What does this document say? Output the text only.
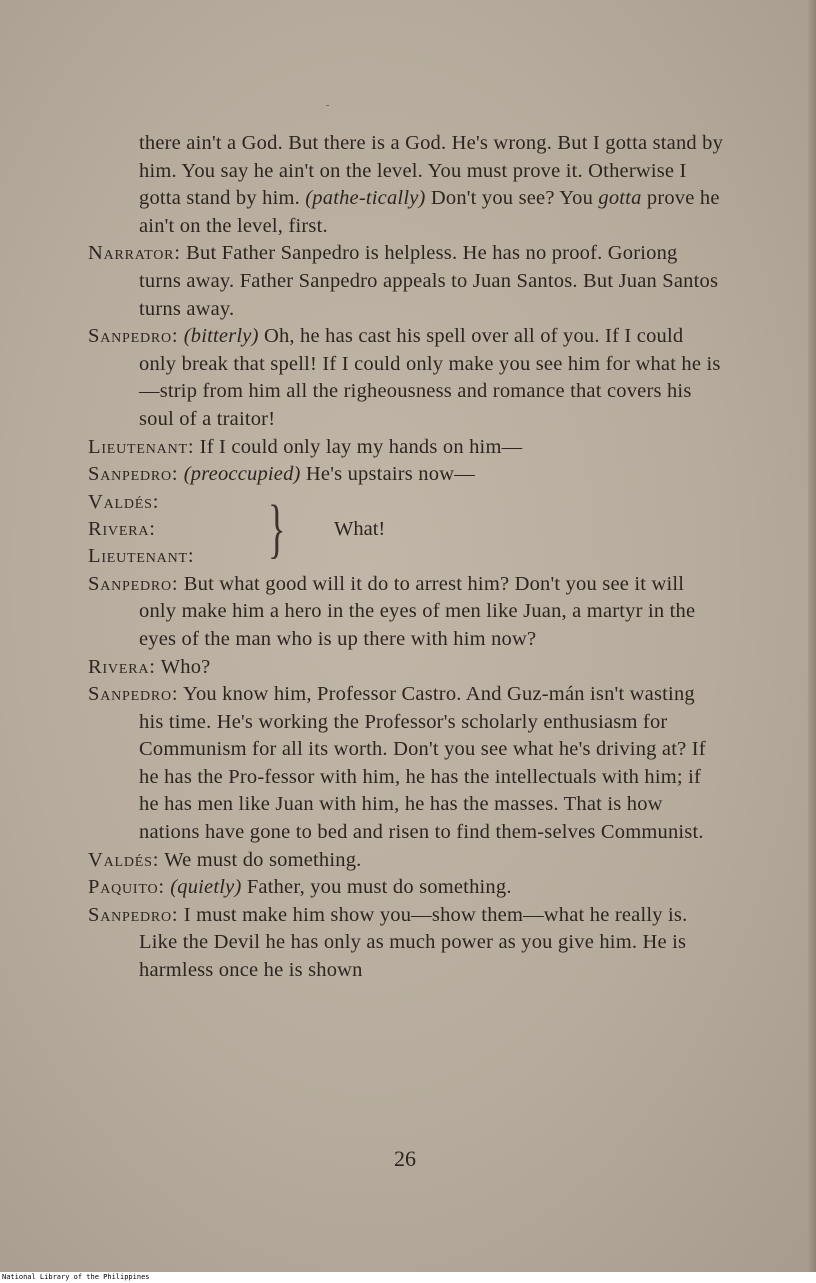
-
there ain't a God. But there is a God. He's wrong. But I gotta stand by him. You say he ain't on the level. You must prove it. Otherwise I gotta stand by him. (pathe-tically) Don't you see? You gotta prove he ain't on the level, first.
Narrator: But Father Sanpedro is helpless. He has no proof. Goriong turns away. Father Sanpedro appeals to Juan Santos. But Juan Santos turns away.
Sanpedro: (bitterly) Oh, he has cast his spell over all of you. If I could only break that spell! If I could only make you see him for what he is—strip from him all the righeousness and romance that covers his soul of a traitor!
Lieutenant: If I could only lay my hands on him—
Sanpedro: (preoccupied) He's upstairs now—
Valdés:
Rivera:
Lieutenant: } What!
Sanpedro: But what good will it do to arrest him? Don't you see it will only make him a hero in the eyes of men like Juan, a martyr in the eyes of the man who is up there with him now?
Rivera: Who?
Sanpedro: You know him, Professor Castro. And Guz-mán isn't wasting his time. He's working the Professor's scholarly enthusiasm for Communism for all its worth. Don't you see what he's driving at? If he has the Pro-fessor with him, he has the intellectuals with him; if he has men like Juan with him, he has the masses. That is how nations have gone to bed and risen to find them-selves Communist.
Valdés: We must do something.
Paquito: (quietly) Father, you must do something.
Sanpedro: I must make him show you—show them—what he really is. Like the Devil he has only as much power as you give him. He is harmless once he is shown
26
National Library of the Philippines
